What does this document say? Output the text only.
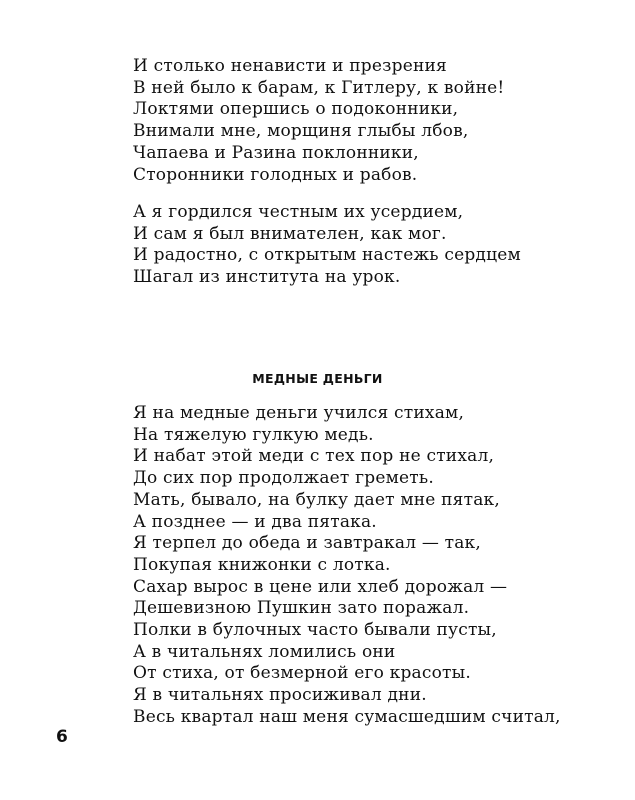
И столько ненависти и презрения
В ней было к барам, к Гитлеру, к войне!
Локтями опершись о подоконники,
Внимали мне, морщиня глыбы лбов,
Чапаева и Разина поклонники,
Сторонники голодных и рабов.
А я гордился честным их усердием,
И сам я был внимателен, как мог.
И радостно, с открытым настежь сердцем
Шагал из института на урок.
МЕДНЫЕ ДЕНЬГИ
Я на медные деньги учился стихам,
На тяжелую гулкую медь.
И набат этой меди с тех пор не стихал,
До сих пор продолжает греметь.
Мать, бывало, на булку дает мне пятак,
А позднее — и два пятака.
Я терпел до обеда и завтракал — так,
Покупая книжонки с лотка.
Сахар вырос в цене или хлеб дорожал —
Дешевизною Пушкин зато поражал.
Полки в булочных часто бывали пусты,
А в читальнях ломились они
От стиха, от безмерной его красоты.
Я в читальнях просиживал дни.
Весь квартал наш меня сумасшедшим считал,
6
